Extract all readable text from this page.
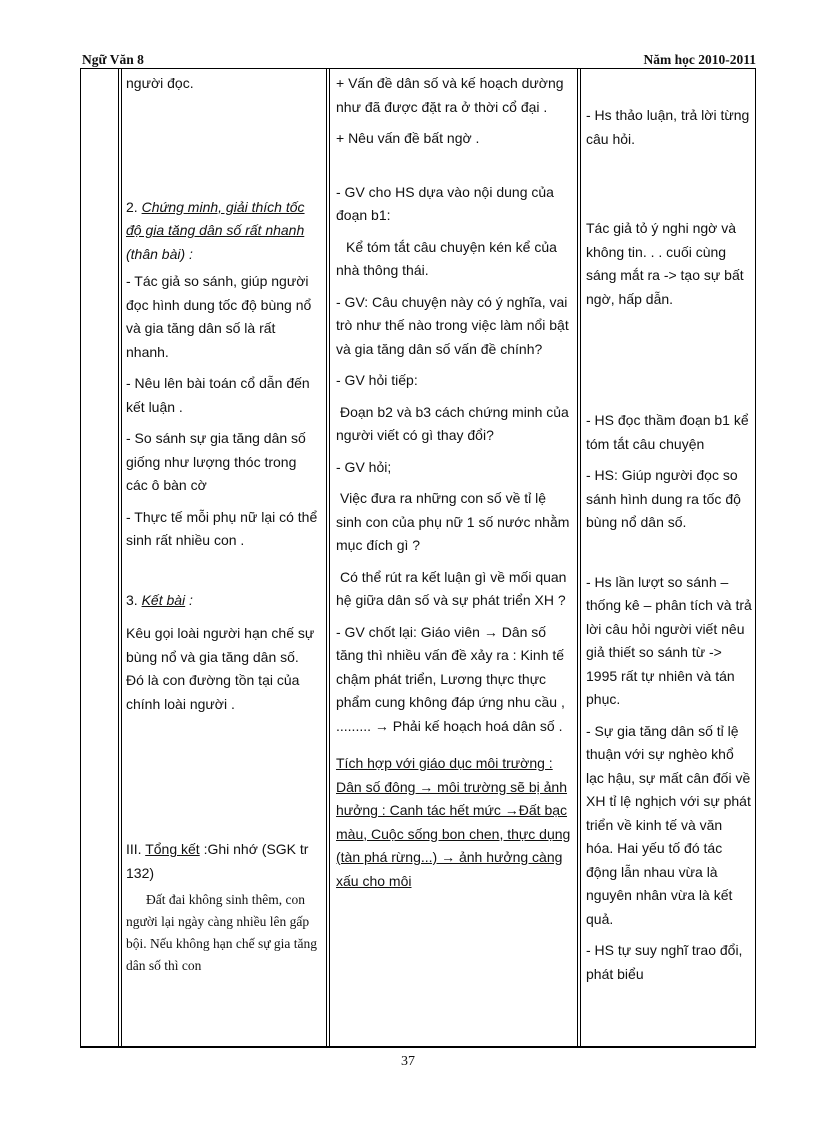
Ngữ Văn 8	Năm học 2010-2011

người đọc.

2. Chứng minh, giải thích tốc độ gia tăng dân số rất nhanh (thân bài) :

- Tác giả so sánh, giúp người đọc hình dung tốc độ bùng nổ và gia tăng dân số là rất nhanh.

- Nêu lên bài toán cổ dẫn đến kết luận .

- So sánh sự gia tăng dân số giống như lượng thóc trong các ô bàn cờ

- Thực tế mỗi phụ nữ lại có thể sinh rất nhiều con .

3. Kết bài :

Kêu gọi loài người hạn chế sự bùng nổ và gia tăng dân số. Đó là con đường tồn tại của chính loài người .

III. Tổng kết :Ghi nhớ (SGK tr 132)

Đất đai không sinh thêm, con người lại ngày càng nhiều lên gấp bội. Nếu không hạn chế sự gia tăng dân số thì con

+ Vấn đề dân số và kế hoạch dường như đã được đặt ra ở thời cổ đại .

+ Nêu vấn đề bất ngờ .

- GV cho HS dựa vào nội dung của đoạn b1:

Kể tóm tắt câu chuyện kén kể của nhà thông thái.

- GV: Câu chuyện này có ý nghĩa, vai trò như thế nào trong việc làm nổi bật và gia tăng dân số vấn đề chính?

- GV hỏi tiếp:

Đoạn b2 và b3 cách chứng minh của người viết có gì thay đổi?

- GV hỏi;

Việc đưa ra những con số về tỉ lệ sinh con của phụ nữ 1 số nước nhằm mục đích gì ?

Có thể rút ra kết luận gì về mối quan hệ giữa dân số và sự phát triển XH ?

- GV chốt lại: Giáo viên → Dân số tăng thì nhiều vấn đề xảy ra : Kinh tế chậm phát triển, Lương thực thực phẩm cung không đáp ứng nhu cầu , ......... → Phải kế hoạch hoá dân số .

Tích hợp với giáo dục môi trường : Dân số đông → môi trường sẽ bị ảnh hưởng : Canh tác hết mức →Đất bạc màu, Cuộc sống bon chen, thực dụng (tàn phá rừng...) → ảnh hưởng càng xấu cho môi

- Hs thảo luận, trả lời từng câu hỏi.

Tác giả tỏ ý nghi ngờ và không tin. . . cuối cùng sáng mắt ra -> tạo sự bất ngờ, hấp dẫn.

- HS đọc thầm đoạn b1 kể tóm tắt câu chuyện

- HS: Giúp người đọc so sánh hình dung ra tốc độ bùng nổ dân số.

- Hs lần lượt so sánh – thống kê – phân tích và trả lời câu hỏi người viết nêu giả thiết so sánh từ -> 1995 rất tự nhiên và tán phục.

- Sự gia tăng dân số tỉ lệ thuận với sự nghèo khổ lạc hậu, sự mất cân đối về XH tỉ lệ nghịch với sự phát triển về kinh tế và văn hóa. Hai yếu tố đó tác động lẫn nhau vừa là nguyên nhân vừa là kết quả.

- HS tự suy nghĩ trao đổi, phát biểu

37
